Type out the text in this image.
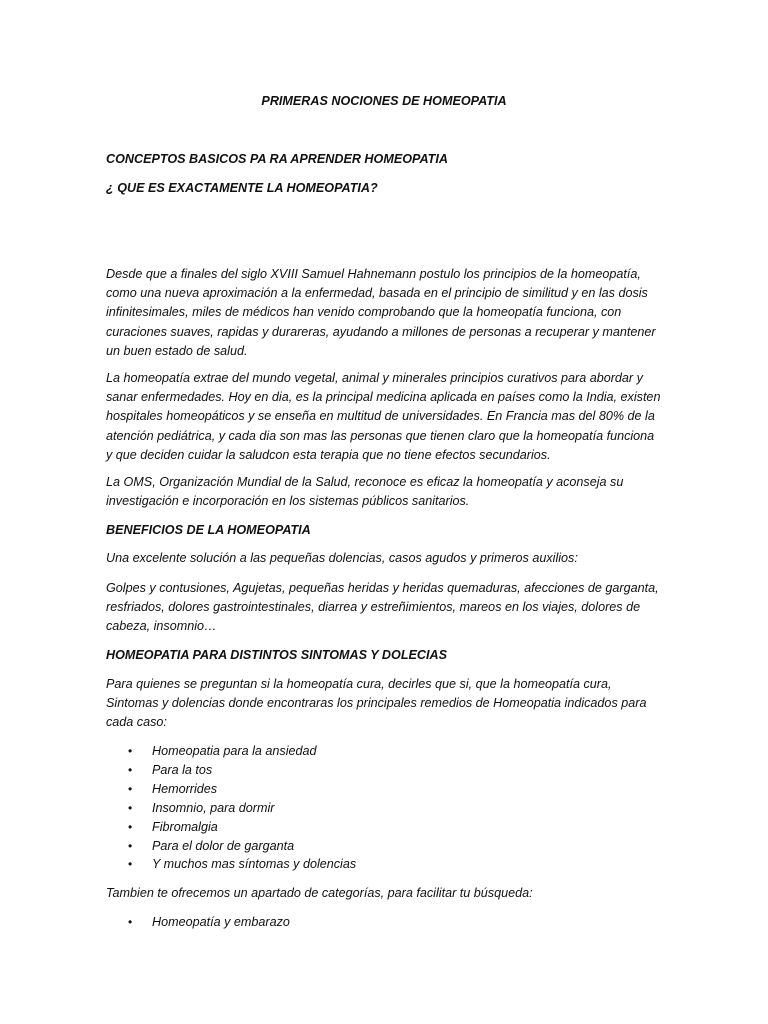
PRIMERAS NOCIONES DE HOMEOPATIA

CONCEPTOS BASICOS PA RA APRENDER HOMEOPATIA

¿ QUE ES EXACTAMENTE LA HOMEOPATIA?

Desde que a finales del siglo XVIII Samuel Hahnemann postulo los principios de la homeopatía, como una nueva aproximación a la enfermedad, basada en el principio de similitud y en las dosis infinitesimales, miles de médicos han venido comprobando que la homeopatía funciona, con curaciones suaves, rapidas y durareras, ayudando a millones de personas a recuperar y mantener un buen estado de salud.

La homeopatía extrae del mundo vegetal, animal y minerales principios curativos para abordar y sanar enfermedades. Hoy en dia, es la principal medicina aplicada en países como la India, existen hospitales homeopáticos y se enseña en multitud de universidades. En Francia mas del 80% de la atención pediátrica, y cada dia son mas las personas que tienen claro que la homeopatía funciona y que deciden cuidar la saludcon esta terapia que no tiene efectos secundarios.

La OMS, Organización Mundial de la Salud, reconoce es eficaz la homeopatía y aconseja su investigación e incorporación en los sistemas públicos sanitarios.

BENEFICIOS DE LA HOMEOPATIA

Una excelente solución a las pequeñas dolencias, casos agudos y primeros auxilios:

Golpes y contusiones, Agujetas, pequeñas heridas y heridas quemaduras, afecciones de garganta, resfriados, dolores gastrointestinales, diarrea y estreñimientos, mareos en los viajes, dolores de cabeza, insomnio…

HOMEOPATIA PARA DISTINTOS SINTOMAS Y DOLECIAS

Para quienes se preguntan si la homeopatía cura, decirles que si, que la homeopatía cura, Sintomas y dolencias donde encontraras los principales remedios de Homeopatia indicados para cada caso:

• Homeopatia para la ansiedad
• Para la tos
• Hemorrides
• Insomnio, para dormir
• Fibromalgia
• Para el dolor de garganta
• Y muchos mas síntomas y dolencias

Tambien te ofrecemos un apartado de categorías, para facilitar tu búsqueda:

• Homeopatía y embarazo
